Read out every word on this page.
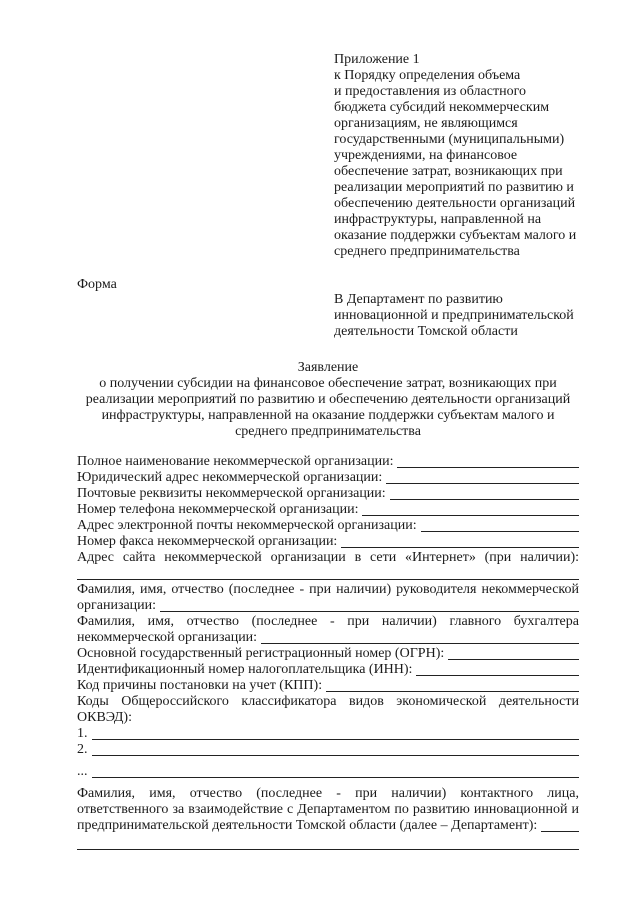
Приложение 1
к Порядку определения объема
и предоставления из областного
бюджета субсидий некоммерческим
организациям, не являющимся
государственными (муниципальными)
учреждениями, на финансовое
обеспечение затрат, возникающих при
реализации мероприятий по развитию и
обеспечению деятельности организаций
инфраструктуры, направленной на
оказание поддержки субъектам малого и
среднего предпринимательства
Форма
В Департамент по развитию
инновационной и предпринимательской
деятельности Томской области
Заявление
о получении субсидии на финансовое обеспечение затрат, возникающих при
реализации мероприятий по развитию и обеспечению деятельности организаций
инфраструктуры, направленной на оказание поддержки субъектам малого и
среднего предпринимательства
Полное наименование некоммерческой организации:
Юридический адрес некоммерческой организации:
Почтовые реквизиты некоммерческой организации:
Номер телефона некоммерческой организации:
Адрес электронной почты некоммерческой организации:
Номер факса некоммерческой организации:
Адрес сайта некоммерческой организации в сети «Интернет» (при наличии):
Фамилия, имя, отчество (последнее - при наличии) руководителя некоммерческой
организации:
Фамилия, имя, отчество (последнее - при наличии) главного бухгалтера
некоммерческой организации:
Основной государственный регистрационный номер (ОГРН):
Идентификационный номер налогоплательщика (ИНН):
Код причины постановки на учет (КПП):
Коды Общероссийского классификатора видов экономической деятельности
ОКВЭД):
1.
2.
...
Фамилия, имя, отчество (последнее - при наличии) контактного лица,
ответственного за взаимодействие с Департаментом по развитию инновационной и
предпринимательской деятельности Томской области (далее – Департамент):
